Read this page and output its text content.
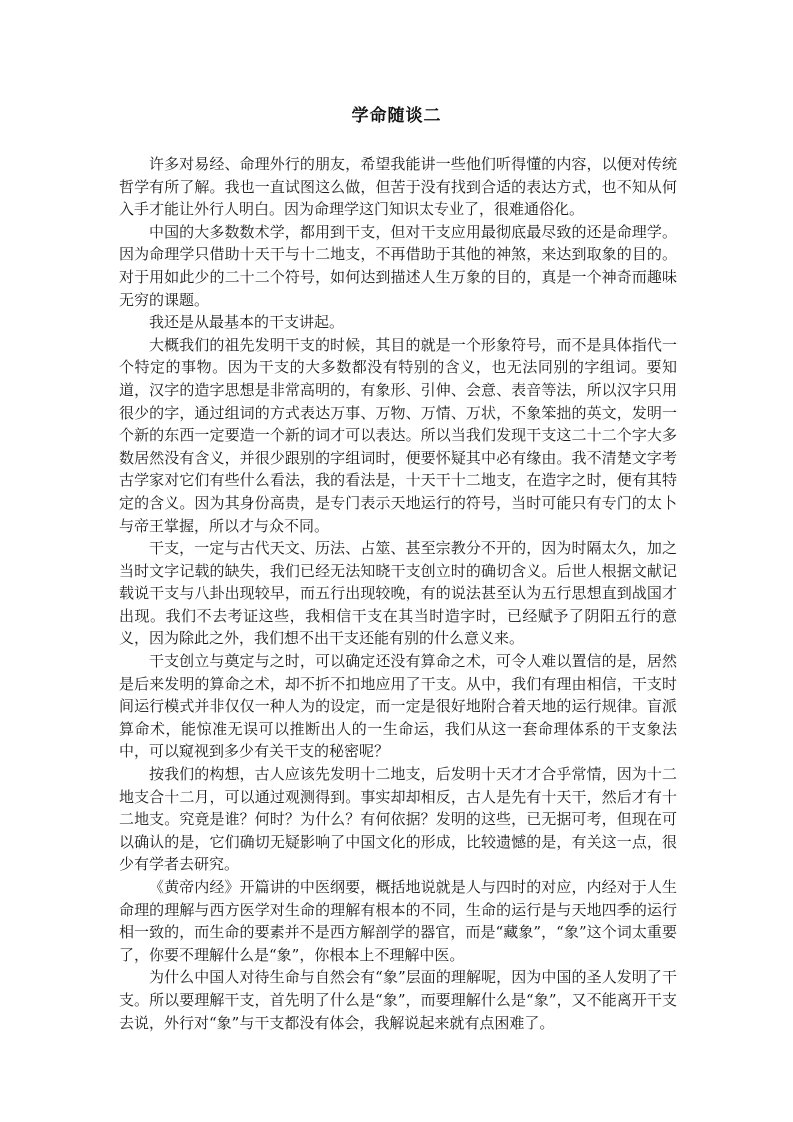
学命随谈二

许多对易经、命理外行的朋友，希望我能讲一些他们听得懂的内容，以便对传统哲学有所了解。我也一直试图这么做，但苦于没有找到合适的表达方式，也不知从何入手才能让外行人明白。因为命理学这门知识太专业了，很难通俗化。

中国的大多数数术学，都用到干支，但对干支应用最彻底最尽致的还是命理学。因为命理学只借助十天干与十二地支，不再借助于其他的神煞，来达到取象的目的。对于用如此少的二十二个符号，如何达到描述人生万象的目的，真是一个神奇而趣味无穷的课题。

我还是从最基本的干支讲起。

大概我们的祖先发明干支的时候，其目的就是一个形象符号，而不是具体指代一个特定的事物。因为干支的大多数都没有特别的含义，也无法同别的字组词。要知道，汉字的造字思想是非常高明的，有象形、引伸、会意、表音等法，所以汉字只用很少的字，通过组词的方式表达万事、万物、万情、万状，不象笨拙的英文，发明一个新的东西一定要造一个新的词才可以表达。所以当我们发现干支这二十二个字大多数居然没有含义，并很少跟别的字组词时，便要怀疑其中必有缘由。我不清楚文字考古学家对它们有些什么看法，我的看法是，十天干十二地支，在造字之时，便有其特定的含义。因为其身份高贵，是专门表示天地运行的符号，当时可能只有专门的太卜与帝王掌握，所以才与众不同。

干支，一定与古代天文、历法、占筮、甚至宗教分不开的，因为时隔太久，加之当时文字记载的缺失，我们已经无法知晓干支创立时的确切含义。后世人根据文献记载说干支与八卦出现较早，而五行出现较晚，有的说法甚至认为五行思想直到战国才出现。我们不去考证这些，我相信干支在其当时造字时，已经赋予了阴阳五行的意义，因为除此之外，我们想不出干支还能有别的什么意义来。

干支创立与奠定与之时，可以确定还没有算命之术，可令人难以置信的是，居然是后来发明的算命之术，却不折不扣地应用了干支。从中，我们有理由相信，干支时间运行模式并非仅仅一种人为的设定，而一定是很好地附合着天地的运行规律。盲派算命术，能惊准无误可以推断出人的一生命运，我们从这一套命理体系的干支象法中，可以窥视到多少有关干支的秘密呢？

按我们的构想，古人应该先发明十二地支，后发明十天才才合乎常情，因为十二地支合十二月，可以通过观测得到。事实却却相反，古人是先有十天干，然后才有十二地支。究竟是谁？何时？为什么？有何依据？发明的这些，已无据可考，但现在可以确认的是，它们确切无疑影响了中国文化的形成，比较遗憾的是，有关这一点，很少有学者去研究。

《黄帝内经》开篇讲的中医纲要，概括地说就是人与四时的对应，内经对于人生命理的理解与西方医学对生命的理解有根本的不同，生命的运行是与天地四季的运行相一致的，而生命的要素并不是西方解剖学的器官，而是“藏象”，“象”这个词太重要了，你要不理解什么是“象”，你根本上不理解中医。

为什么中国人对待生命与自然会有“象”层面的理解呢，因为中国的圣人发明了干支。所以要理解干支，首先明了什么是“象”，而要理解什么是“象”，又不能离开干支去说，外行对“象”与干支都没有体会，我解说起来就有点困难了。
